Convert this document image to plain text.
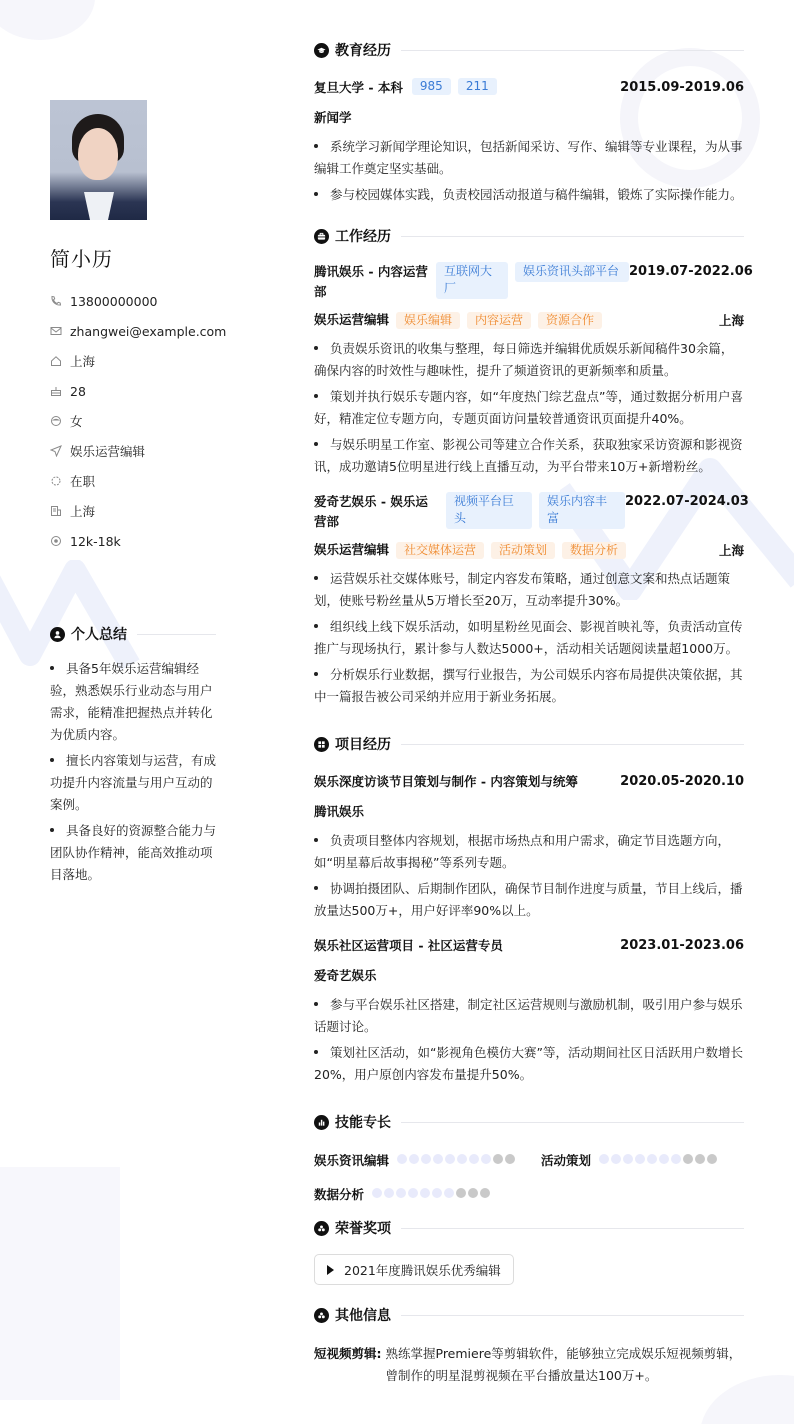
简小历
13800000000
zhangwei@example.com
上海
28
女
娱乐运营编辑
在职
上海
12k-18k
个人总结
具备5年娱乐运营编辑经验，熟悉娱乐行业动态与用户需求，能精准把握热点并转化为优质内容。
擅长内容策划与运营，有成功提升内容流量与用户互动的案例。
具备良好的资源整合能力与团队协作精神，能高效推动项目落地。
教育经历
复旦大学 - 本科	985	211	2015.09-2019.06
新闻学
系统学习新闻学理论知识，包括新闻采访、写作、编辑等专业课程，为从事编辑工作奠定坚实基础。
参与校园媒体实践，负责校园活动报道与稿件编辑，锻炼了实际操作能力。
工作经历
腾讯娱乐 - 内容运营部
互联网大厂
娱乐资讯头部平台 2019.07-2022.06
娱乐运营编辑	娱乐编辑	内容运营	资源合作	上海
负责娱乐资讯的收集与整理，每日筛选并编辑优质娱乐新闻稿件30余篇，确保内容的时效性与趣味性，提升了频道资讯的更新频率和质量。
策划并执行娱乐专题内容，如“年度热门综艺盘点”等，通过数据分析用户喜好，精准定位专题方向，专题页面访问量较普通资讯页面提升40%。
与娱乐明星工作室、影视公司等建立合作关系，获取独家采访资源和影视资讯，成功邀请5位明星进行线上直播互动，为平台带来10万+新增粉丝。
爱奇艺娱乐 - 娱乐运营部
视频平台巨头
娱乐内容丰富
2022.07-2024.03
娱乐运营编辑	社交媒体运营	活动策划	数据分析	上海
运营娱乐社交媒体账号，制定内容发布策略，通过创意文案和热点话题策划，使账号粉丝量从5万增长至20万，互动率提升30%。
组织线上线下娱乐活动，如明星粉丝见面会、影视首映礼等，负责活动宣传推广与现场执行，累计参与人数达5000+，活动相关话题阅读量超1000万。
分析娱乐行业数据，撰写行业报告，为公司娱乐内容布局提供决策依据，其中一篇报告被公司采纳并应用于新业务拓展。
项目经历
娱乐深度访谈节目策划与制作 - 内容策划与统筹	2020.05-2020.10
腾讯娱乐
负责项目整体内容规划，根据市场热点和用户需求，确定节目选题方向，如“明星幕后故事揭秘”等系列专题。
协调拍摄团队、后期制作团队，确保节目制作进度与质量，节目上线后，播放量达500万+，用户好评率90%以上。
娱乐社区运营项目 - 社区运营专员	2023.01-2023.06
爱奇艺娱乐
参与平台娱乐社区搭建，制定社区运营规则与激励机制，吸引用户参与娱乐话题讨论。
策划社区活动，如“影视角色模仿大赛”等，活动期间社区日活跃用户数增长20%，用户原创内容发布量提升50%。
技能专长
娱乐资讯编辑	活动策划
数据分析
荣誉奖项
2021年度腾讯娱乐优秀编辑
其他信息
短视频剪辑: 熟练掌握Premiere等剪辑软件，能够独立完成娱乐短视频剪辑，曾制作的明星混剪视频在平台播放量达100万+。
